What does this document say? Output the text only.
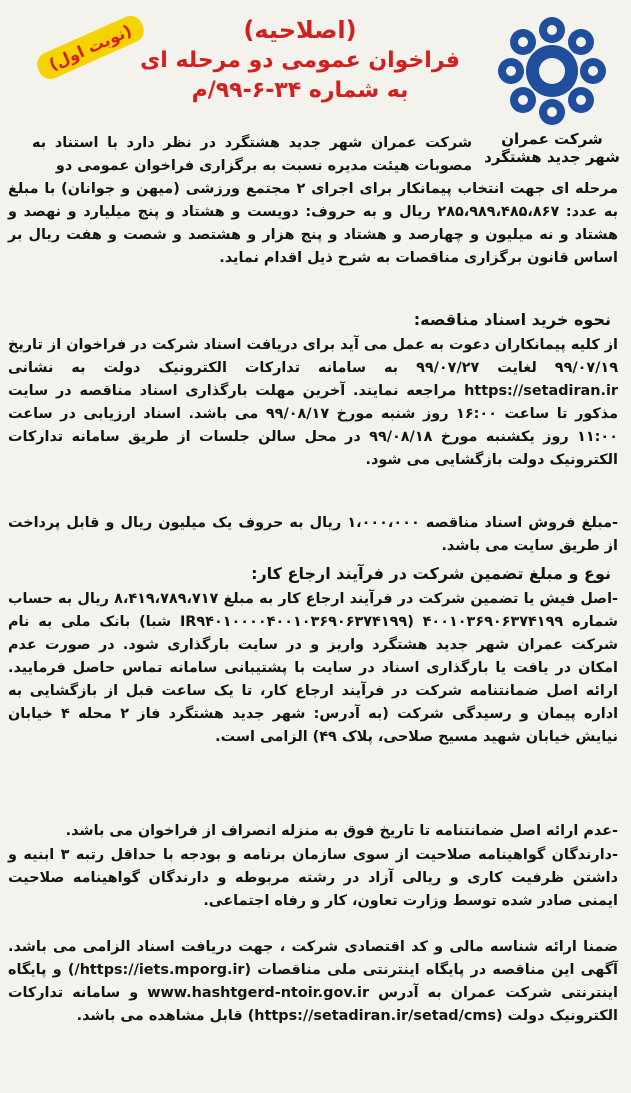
(نوبت اول)	(اصلاحیه)
فراخوان عمومی دو مرحله ای
به شماره ۳۴-۶-۹۹/م
شرکت عمران
شهر جدید هشتگرد

شرکت عمران شهر جدید هشتگرد در نظر دارد با استناد به مصوبات هیئت مدیره نسبت به برگزاری فراخوان عمومی دو

مرحله ای جهت انتخاب پیمانکار برای اجرای ۲ مجتمع ورزشی (میهن و جوانان) با مبلغ به عدد: ۲۸۵،۹۸۹،۴۸۵،۸۶۷ ریال و به حروف: دویست و هشتاد و پنج میلیارد و نهصد و هشتاد و نه میلیون و چهارصد و هشتاد و پنج هزار و هشتصد و شصت و هفت ریال بر اساس قانون برگزاری مناقصات به شرح ذیل اقدام نماید.

نحوه خرید اسناد مناقصه:

از کلیه پیمانکاران دعوت به عمل می آید برای دریافت اسناد شرکت در فراخوان از تاریخ ۹۹/۰۷/۱۹ لغایت ۹۹/۰۷/۲۷ به سامانه تدارکات الکترونیک دولت به نشانی https://setadiran.ir مراجعه نمایند. آخرین مهلت بارگذاری اسناد مناقصه در سایت مذکور تا ساعت ۱۶:۰۰ روز شنبه مورخ ۹۹/۰۸/۱۷ می باشد. اسناد ارزیابی در ساعت ۱۱:۰۰ روز یکشنبه مورخ ۹۹/۰۸/۱۸ در محل سالن جلسات از طریق سامانه تدارکات الکترونیک دولت بازگشایی می شود.

-مبلغ فروش اسناد مناقصه ۱،۰۰۰،۰۰۰ ریال به حروف یک میلیون ریال و قابل پرداخت از طریق سایت می باشد.

نوع و مبلغ تضمین شرکت در فرآیند ارجاع کار:

-اصل فیش یا تضمین شرکت در فرآیند ارجاع کار به مبلغ ۸،۴۱۹،۷۸۹،۷۱۷ ریال به حساب شماره ۴۰۰۱۰۳۶۹۰۶۳۷۴۱۹۹ (IR۹۴۰۱۰۰۰۰۴۰۰۱۰۳۶۹۰۶۳۷۴۱۹۹ شبا) بانک ملی به نام شرکت عمران شهر جدید هشتگرد واریز و در سایت بارگذاری شود. در صورت عدم امکان در یافت یا بارگذاری اسناد در سایت با پشتیبانی سامانه تماس حاصل فرمایید. ارائه اصل ضمانتنامه شرکت در فرآیند ارجاع کار، تا یک ساعت قبل از بازگشایی به اداره پیمان و رسیدگی شرکت (به آدرس: شهر جدید هشتگرد فاز ۲ محله ۴ خیابان نیایش خیابان شهید مسیح صلاحی، پلاک ۴۹) الزامی است.

-عدم ارائه اصل ضمانتنامه تا تاریخ فوق به منزله انصراف از فراخوان می باشد.

-دارندگان گواهینامه صلاحیت از سوی سازمان برنامه و بودجه با حداقل رتبه ۳ ابنیه و داشتن ظرفیت کاری و ریالی آزاد در رشته مربوطه و دارندگان گواهینامه صلاحیت ایمنی صادر شده توسط وزارت تعاون، کار و رفاه اجتماعی.

ضمنا ارائه شناسه مالی و کد اقتصادی شرکت ، جهت دریافت اسناد الزامی می باشد. آگهی این مناقصه در پایگاه اینترنتی ملی مناقصات (https://iets.mporg.ir/) و پایگاه اینترنتی شرکت عمران به آدرس www.hashtgerd-ntoir.gov.ir و سامانه تدارکات الکترونیک دولت (https://setadiran.ir/setad/cms) قابل مشاهده می باشد.
